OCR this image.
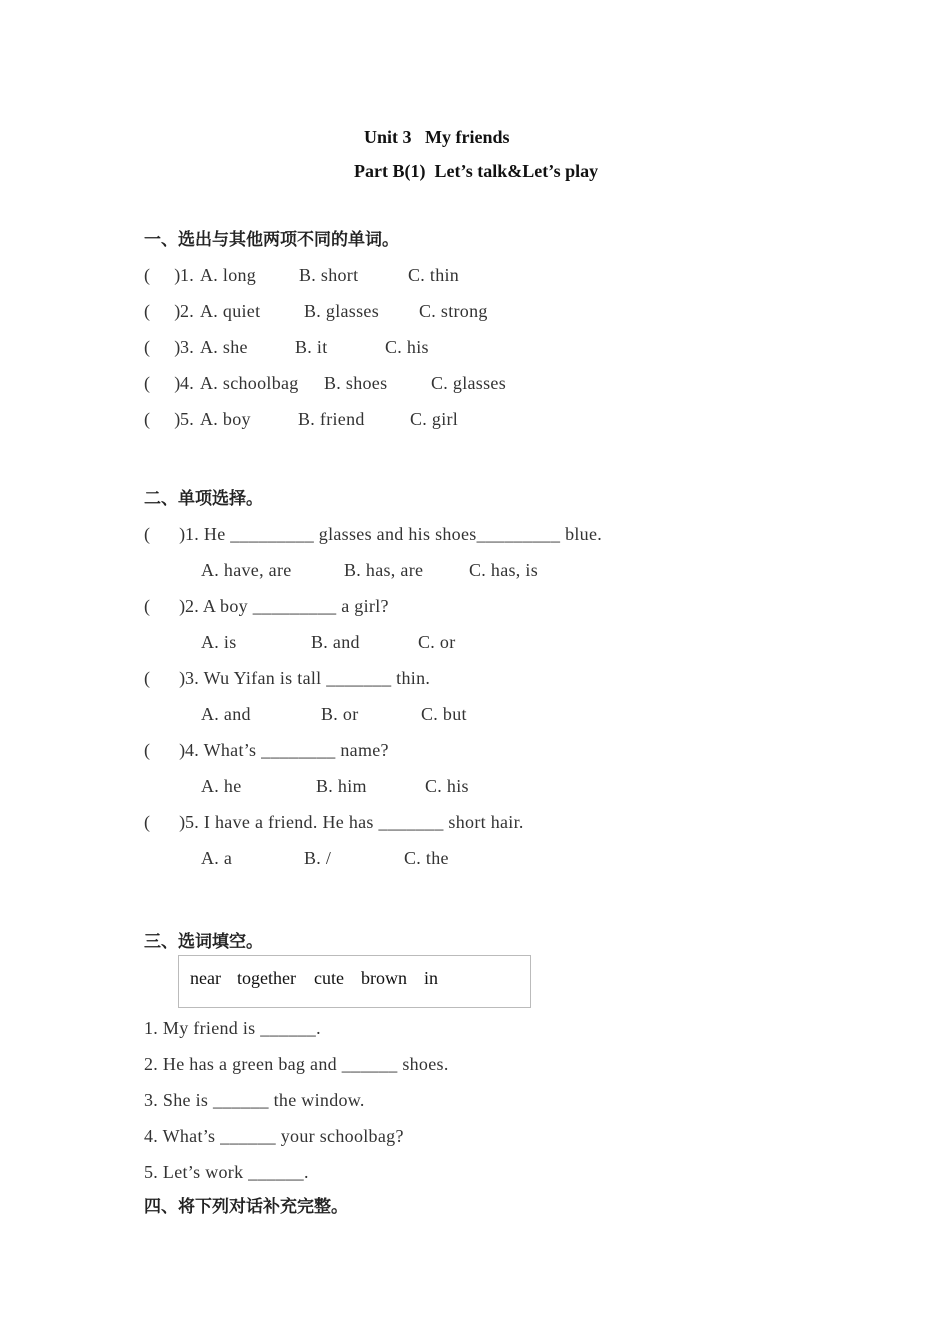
Unit 3   My friends
Part B(1)  Let’s talk&Let’s play
一、选出与其他两项不同的单词。
(     ) 1. A. long B. short	C. thin
(     ) 2. A. quiet B. glasses C. strong
(     ) 3. A. she	B. it	C. his
(     ) 4. A. schoolbag B. shoes C. glasses
(     ) 5. A. boy	B. friend	C. girl
二、单项选择。
(      ) 1. He _________ glasses and his shoes_________ blue.
A. have, are	B. has, are	C. has, is
(      ) 2. A boy _________ a girl?
A. is	B. and	C. or
(      ) 3. Wu Yifan is tall _______ thin.
A. and	B. or	C. but
(      ) 4. What’s ________ name?
A. he	B. him	C. his
(      ) 5. I have a friend. He has _______ short hair.
A. a	B. /	C. the
三、选词填空。
near together cute brown in
1. My friend is ______.
2. He has a green bag and ______ shoes.
3. She is ______ the window.
4. What’s ______ your schoolbag?
5. Let’s work ______.
四、将下列对话补充完整。
